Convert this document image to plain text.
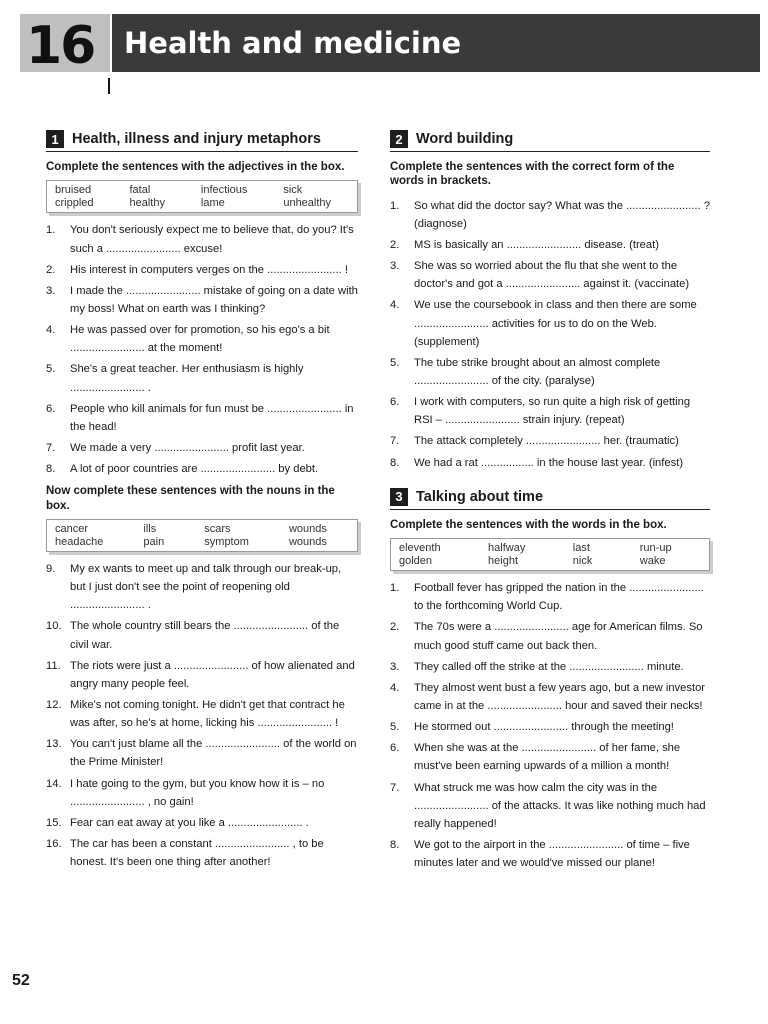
16 Health and medicine
1 Health, illness and injury metaphors
Complete the sentences with the adjectives in the box.
bruised	fatal	infectious	sick
crippled	healthy	lame	unhealthy
1.	You don't seriously expect me to believe that, do you? It's such a ........................ excuse!
2.	His interest in computers verges on the ........................ !
3.	I made the ........................ mistake of going on a date with my boss! What on earth was I thinking?
4.	He was passed over for promotion, so his ego's a bit ........................ at the moment!
5.	She's a great teacher. Her enthusiasm is highly ........................ .
6.	People who kill animals for fun must be ........................ in the head!
7.	We made a very ........................ profit last year.
8.	A lot of poor countries are ........................ by debt.
Now complete these sentences with the nouns in the box.
cancer	ills	scars	wounds
headache	pain	symptom	wounds
9.	My ex wants to meet up and talk through our break-up, but I just don't see the point of reopening old ........................ .
10. The whole country still bears the ........................ of the civil war.
11. The riots were just a ........................ of how alienated and angry many people feel.
12. Mike's not coming tonight. He didn't get that contract he was after, so he's at home, licking his ........................ !
13. You can't just blame all the ........................ of the world on the Prime Minister!
14. I hate going to the gym, but you know how it is – no ........................ , no gain!
15. Fear can eat away at you like a ........................ .
16. The car has been a constant ........................ , to be honest. It's been one thing after another!
2 Word building
Complete the sentences with the correct form of the words in brackets.
1.	So what did the doctor say? What was the ........................ ? (diagnose)
2.	MS is basically an ........................ disease. (treat)
3.	She was so worried about the flu that she went to the doctor's and got a ........................ against it. (vaccinate)
4.	We use the coursebook in class and then there are some ........................ activities for us to do on the Web. (supplement)
5.	The tube strike brought about an almost complete ........................ of the city. (paralyse)
6.	I work with computers, so run quite a high risk of getting RSI – ........................ strain injury. (repeat)
7.	The attack completely ........................ her. (traumatic)
8.	We had a rat ................. in the house last year. (infest)
3 Talking about time
Complete the sentences with the words in the box.
eleventh	halfway	last	run-up
golden	height	nick	wake
1.	Football fever has gripped the nation in the ........................ to the forthcoming World Cup.
2.	The 70s were a ........................ age for American films. So much good stuff came out back then.
3.	They called off the strike at the ........................ minute.
4.	They almost went bust a few years ago, but a new investor came in at the ........................ hour and saved their necks!
5.	He stormed out ........................ through the meeting!
6.	When she was at the ........................ of her fame, she must've been earning upwards of a million a month!
7.	What struck me was how calm the city was in the ........................ of the attacks. It was like nothing much had really happened!
8.	We got to the airport in the ........................ of time – five minutes later and we would've missed our plane!
52
